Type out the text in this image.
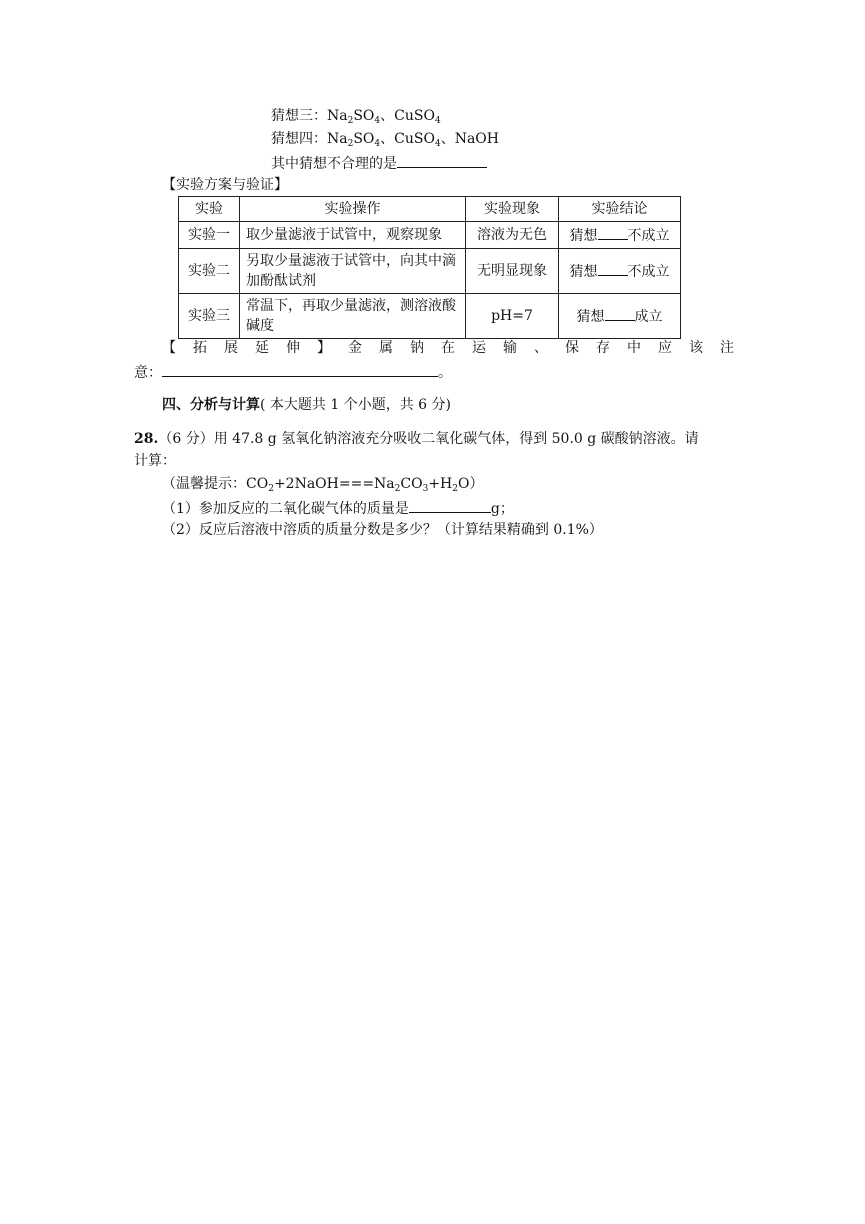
猜想三：$Na_2SO_4$、CuSO$_4$
猜想四：$Na_2SO_4$、CuSO$_4$、NaOH
其中猜想不合理的是
【实验方案与验证】
实验	实验操作	实验现象	实验结论
实验一	取少量滤液于试管中，观察现象	溶液为无色	猜想 不成立
实验二	另取少量滤液于试管中，向其中滴加酚酞试剂	无明显现象	猜想 不成立
实验三	常温下，再取少量滤液，测溶液酸碱度	pH=7	猜想 成立
【 拓 展 延 伸 】 金 属 钠 在 运 输 、 保 存 中 应 该 注
意：	。
四、分析与计算( 本大题共 1 个小题，共 6 分)
28.（6 分）用 47.8 g 氢氧化钠溶液充分吸收二氧化碳气体，得到 50.0 g 碳酸钠溶液。请
计算：
（温馨提示：$CO_2+2NaOH===Na_2CO_3+H_2O$）
（1）参加反应的二氧化碳气体的质量是	g；
（2）反应后溶液中溶质的质量分数是多少？（计算结果精确到 0.1%）
